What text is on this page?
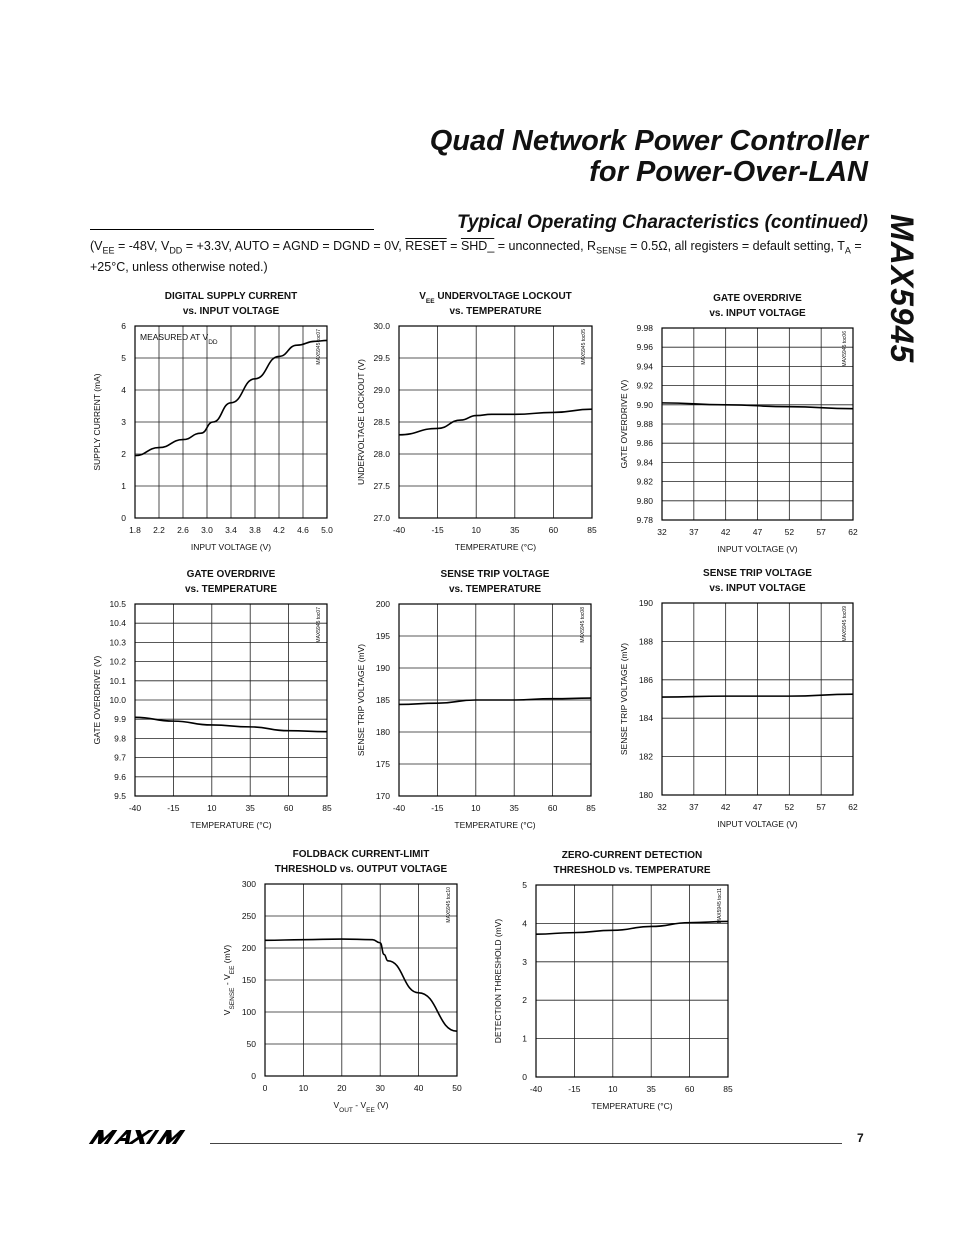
Quad Network Power Controller
for Power-Over-LAN
MAX5945
Typical Operating Characteristics (continued)
($V_{EE} = -48V$, $V_{DD} = +3.3V$, AUTO = AGND = DGND = 0V, RESET = SHD_ = unconnected, $R_{SENSE} = 0.5\Omega$, all registers = default setting, $T_A = +25^\circ C$, unless otherwise noted.)
1.8 2.2 2.6 3.0 3.4 3.8 4.2 4.6 5.0
0
1
2
3
4
5
6
DIGITAL SUPPLY CURRENT
vs. INPUT VOLTAGE
INPUT VOLTAGE (V)
SUPPLY CURRENT (mA)
MAX5945 toc07
MEASURED AT $V_{DD}$
-40	-15	10	35	60	85
27.0
27.5
28.0
28.5
29.0
29.5
30.0
$V_{EE}$ UNDERVOLTAGE LOCKOUT
vs. TEMPERATURE
TEMPERATURE (°C)
UNDERVOLTAGE LOCKOUT (V)
MAX5945 toc05
32	37	42	47	52	57	62
9.78
9.80
9.82
9.84
9.86
9.88
9.90
9.92
9.94
9.96
9.98
GATE OVERDRIVE
vs. INPUT VOLTAGE
INPUT VOLTAGE (V)
GATE OVERDRIVE (V)
MAX5945 toc06
-40	-15	10	35	60	85
9.5
9.6
9.7
9.8
9.9
10.0
10.1
10.2
10.3
10.4
10.5
GATE OVERDRIVE
vs. TEMPERATURE
TEMPERATURE (°C)
GATE OVERDRIVE (V)
MAX5945 toc07
-40	-15	10	35	60	85
170
175
180
185
190
195
200
SENSE TRIP VOLTAGE
vs. TEMPERATURE
TEMPERATURE (°C)
SENSE TRIP VOLTAGE (mV)
MAX5945 toc08
32	37	42	47	52	57	62
180
182
184
186
188
190
SENSE TRIP VOLTAGE
vs. INPUT VOLTAGE
INPUT VOLTAGE (V)
SENSE TRIP VOLTAGE (mV)
MAX5945 toc09
0	10	20	30	40	50
0
50
100
150
200
250
300
FOLDBACK CURRENT-LIMIT
THRESHOLD vs. OUTPUT VOLTAGE
$V_{OUT} - V_{EE}$ (V)
$V_{SENSE} - V_{EE}$ (mV)
MAX5945 toc10
-40	-15	10	35	60	85
0
1
2
3
4
5
ZERO-CURRENT DETECTION
THRESHOLD vs. TEMPERATURE
TEMPERATURE (°C)
DETECTION THRESHOLD (mV)
MAX5945 toc11
7
